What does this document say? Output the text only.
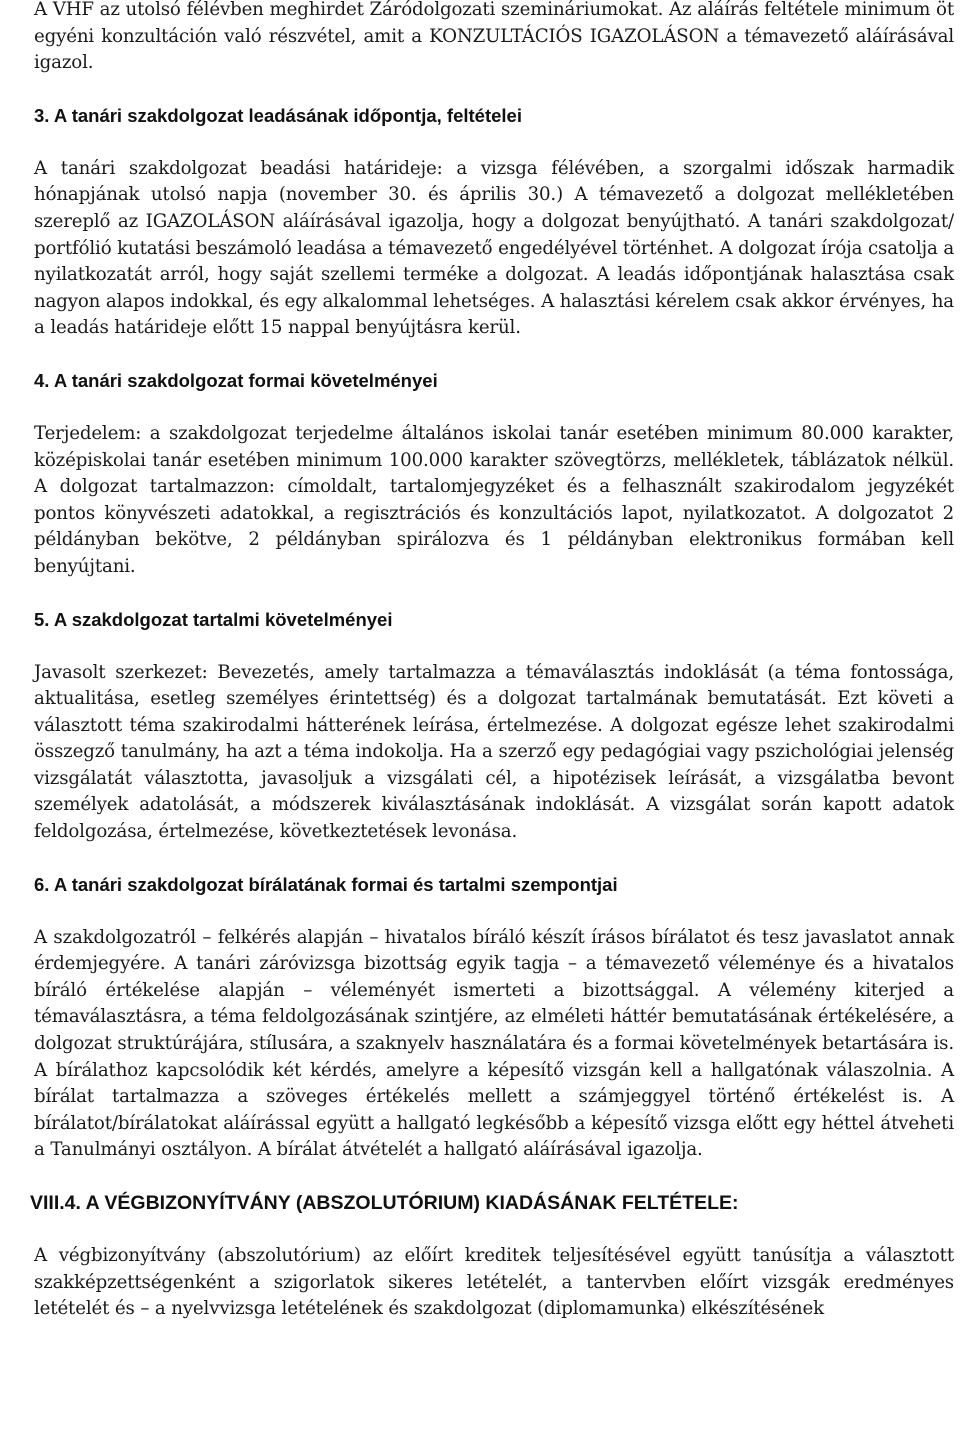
A VHF az utolsó félévben meghirdet Záródolgozati szemináriumokat. Az aláírás feltétele minimum öt egyéni konzultáción való részvétel, amit a KONZULTÁCIÓS IGAZOLÁSON a témavezető aláírásával igazol.

3. A tanári szakdolgozat leadásának időpontja, feltételei

A tanári szakdolgozat beadási határideje: a vizsga félévében, a szorgalmi időszak harmadik hónapjának utolsó napja (november 30. és április 30.) A témavezető a dolgozat mellékletében szereplő az IGAZOLÁSON aláírásával igazolja, hogy a dolgozat benyújtható. A tanári szakdolgozat/ portfólió kutatási beszámoló leadása a témavezető engedélyével történhet. A dolgozat írója csatolja a nyilatkozatát arról, hogy saját szellemi terméke a dolgozat. A leadás időpontjának halasztása csak nagyon alapos indokkal, és egy alkalommal lehetséges. A halasztási kérelem csak akkor érvényes, ha a leadás határideje előtt 15 nappal benyújtásra kerül.

4. A tanári szakdolgozat formai követelményei

Terjedelem: a szakdolgozat terjedelme általános iskolai tanár esetében minimum 80.000 karakter, középiskolai tanár esetében minimum 100.000 karakter szövegtörzs, mellékletek, táblázatok nélkül. A dolgozat tartalmazzon: címoldalt, tartalomjegyzéket és a felhasznált szakirodalom jegyzékét pontos könyvészeti adatokkal, a regisztrációs és konzultációs lapot, nyilatkozatot. A dolgozatot 2 példányban bekötve, 2 példányban spirálozva és 1 példányban elektronikus formában kell benyújtani.

5. A szakdolgozat tartalmi követelményei

Javasolt szerkezet: Bevezetés, amely tartalmazza a témaválasztás indoklását (a téma fontossága, aktualitása, esetleg személyes érintettség) és a dolgozat tartalmának bemutatását. Ezt követi a választott téma szakirodalmi hátterének leírása, értelmezése. A dolgozat egésze lehet szakirodalmi összegző tanulmány, ha azt a téma indokolja. Ha a szerző egy pedagógiai vagy pszichológiai jelenség vizsgálatát választotta, javasoljuk a vizsgálati cél, a hipotézisek leírását, a vizsgálatba bevont személyek adatolását, a módszerek kiválasztásának indoklását. A vizsgálat során kapott adatok feldolgozása, értelmezése, következtetések levonása.

6. A tanári szakdolgozat bírálatának formai és tartalmi szempontjai

A szakdolgozatról – felkérés alapján – hivatalos bíráló készít írásos bírálatot és tesz javaslatot annak érdemjegyére. A tanári záróvizsga bizottság egyik tagja – a témavezető véleménye és a hivatalos bíráló értékelése alapján – véleményét ismerteti a bizottsággal. A vélemény kiterjed a témaválasztásra, a téma feldolgozásának szintjére, az elméleti háttér bemutatásának értékelésére, a dolgozat struktúrájára, stílusára, a szaknyelv használatára és a formai követelmények betartására is. A bírálathoz kapcsolódik két kérdés, amelyre a képesítő vizsgán kell a hallgatónak válaszolnia. A bírálat tartalmazza a szöveges értékelés mellett a számjeggyel történő értékelést is. A bírálatot/bírálatokat aláírással együtt a hallgató legkésőbb a képesítő vizsga előtt egy héttel átveheti a Tanulmányi osztályon. A bírálat átvételét a hallgató aláírásával igazolja.

VIII.4. A VÉGBIZONYÍTVÁNY (ABSZOLUTÓRIUM) KIADÁSÁNAK FELTÉTELE:

A végbizonyítvány (abszolutórium) az előírt kreditek teljesítésével együtt tanúsítja a választott szakképzettségenként a szigorlatok sikeres letételét, a tantervben előírt vizsgák eredményes letételét és – a nyelvvizsga letételének és szakdolgozat (diplomamunka) elkészítésének
